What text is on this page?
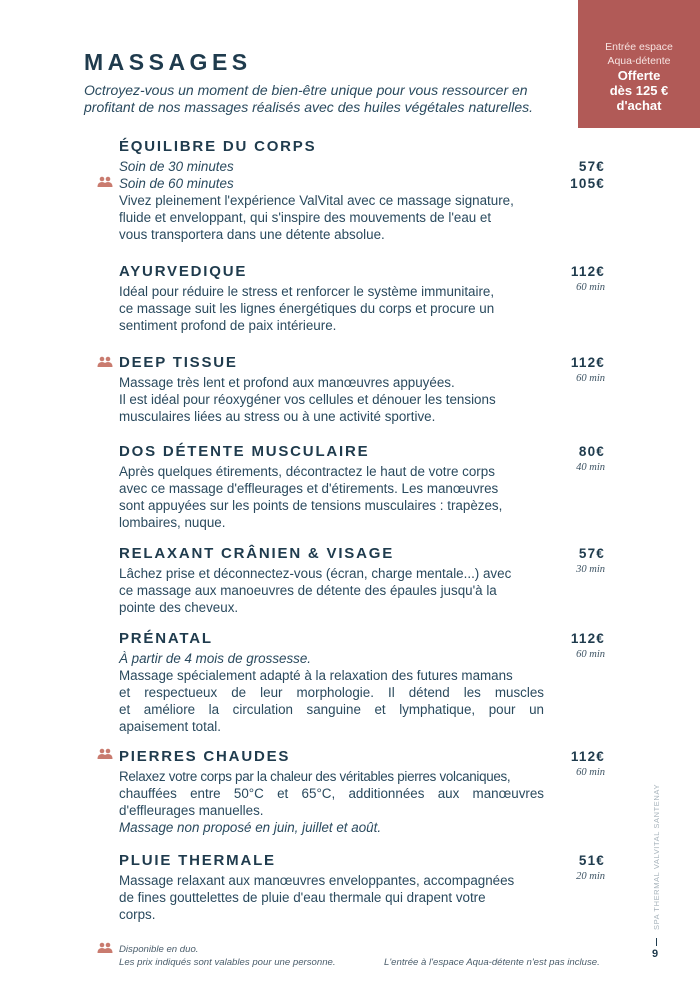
Entrée espace
Aqua-détente
Offerte
dès 125 €
d'achat
MASSAGES
Octroyez-vous un moment de bien-être unique pour vous ressourcer en
profitant de nos massages réalisés avec des huiles végétales naturelles.
ÉQUILIBRE DU CORPS
Soin de 30 minutes
Soin de 60 minutes
Vivez pleinement l'expérience ValVital avec ce massage signature,
fluide et enveloppant, qui s'inspire des mouvements de l'eau et
vous transportera dans une détente absolue.
57€
105€
AYURVEDIQUE
Idéal pour réduire le stress et renforcer le système immunitaire,
ce massage suit les lignes énergétiques du corps et procure un
sentiment profond de paix intérieure.
112€
60 min
DEEP TISSUE
Massage très lent et profond aux manœuvres appuyées.
Il est idéal pour réoxygéner vos cellules et dénouer les tensions
musculaires liées au stress ou à une activité sportive.
112€
60 min
DOS DÉTENTE MUSCULAIRE
Après quelques étirements, décontractez le haut de votre corps
avec ce massage d'effleurages et d'étirements. Les manœuvres
sont appuyées sur les points de tensions musculaires : trapèzes,
lombaires, nuque.
80€
40 min
RELAXANT CRÂNIEN & VISAGE
Lâchez prise et déconnectez-vous (écran, charge mentale...) avec
ce massage aux manoeuvres de détente des épaules jusqu'à la
pointe des cheveux.
57€
30 min
PRÉNATAL
À partir de 4 mois de grossesse.
Massage spécialement adapté à la relaxation des futures mamans
et respectueux de leur morphologie. Il détend les muscles
et améliore la circulation sanguine et lymphatique, pour un
apaisement total.
112€
60 min
PIERRES CHAUDES
Relaxez votre corps par la chaleur des véritables pierres volcaniques,
chauffées entre 50°C et 65°C, additionnées aux manœuvres
d'effleurages manuelles.
Massage non proposé en juin, juillet et août.
112€
60 min
PLUIE THERMALE
Massage relaxant aux manœuvres enveloppantes, accompagnées
de fines gouttelettes de pluie d'eau thermale qui drapent votre
corps.
51€
20 min
Disponible en duo.
Les prix indiqués sont valables pour une personne.	L'entrée à l'espace Aqua-détente n'est pas incluse.
SPA THERMAL VALVITAL SANTENAY
9
